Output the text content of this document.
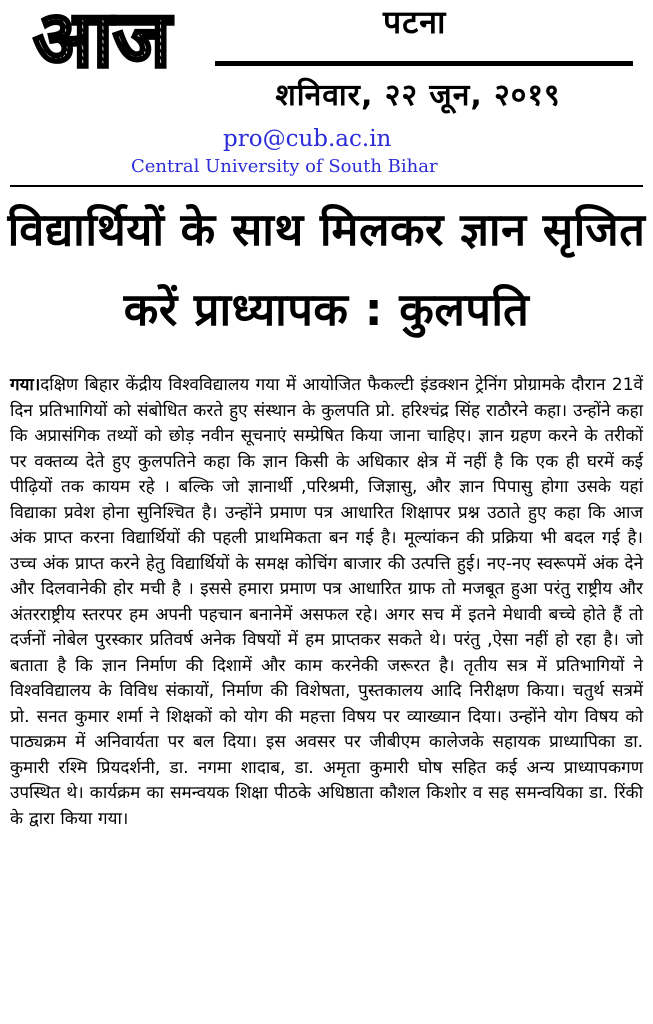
आज	पटना
शनिवार, २२ जून, २०१९
pro@cub.ac.in
Central University of South Bihar
विद्यार्थियों के साथ मिलकर ज्ञान सृजित करें प्राध्यापक : कुलपति

गया।दक्षिण बिहार केंद्रीय विश्वविद्यालय गया में आयोजित फैकल्टी इंडक्शन ट्रेनिंग प्रोग्रामके दौरान 21वें दिन प्रतिभागियों को संबोधित करते हुए संस्थान के कुलपति प्रो. हरिश्चंद्र सिंह राठौरने कहा। उन्होंने कहा कि अप्रासंगिक तथ्यों को छोड़ नवीन सूचनाएं सम्प्रेषित किया जाना चाहिए। ज्ञान ग्रहण करने के तरीकों पर वक्तव्य देते हुए कुलपतिने कहा कि ज्ञान किसी के अधिकार क्षेत्र में नहीं है कि एक ही घरमें कई पीढ़ियों तक कायम रहे । बल्कि जो ज्ञानार्थी ,परिश्रमी, जिज्ञासु, और ज्ञान पिपासु होगा उसके यहां विद्याका प्रवेश होना सुनिश्चित है। उन्होंने प्रमाण पत्र आधारित शिक्षापर प्रश्न उठाते हुए कहा कि आज अंक प्राप्त करना विद्यार्थियों की पहली प्राथमिकता बन गई है। मूल्यांकन की प्रक्रिया भी बदल गई है। उच्च अंक प्राप्त करने हेतु विद्यार्थियों के समक्ष कोचिंग बाजार की उत्पत्ति हुई। नए-नए स्वरूपमें अंक देने और दिलवानेकी होर मची है । इससे हमारा प्रमाण पत्र आधारित ग्राफ तो मजबूत हुआ परंतु राष्ट्रीय और अंतरराष्ट्रीय स्तरपर हम अपनी पहचान बनानेमें असफल रहे। अगर सच में इतने मेधावी बच्चे होते हैं तो दर्जनों नोबेल पुरस्कार प्रतिवर्ष अनेक विषयों में हम प्राप्तकर सकते थे। परंतु ,ऐसा नहीं हो रहा है। जो बताता है कि ज्ञान निर्माण की दिशामें और काम करनेकी जरूरत है। तृतीय सत्र में प्रतिभागियों ने विश्वविद्यालय के विविध संकायों, निर्माण की विशेषता, पुस्तकालय आदि निरीक्षण किया। चतुर्थ सत्रमें प्रो. सनत कुमार शर्मा ने शिक्षकों को योग की महत्ता विषय पर व्याख्यान दिया। उन्होंने योग विषय को पाठ्यक्रम में अनिवार्यता पर बल दिया। इस अवसर पर जीबीएम कालेजके सहायक प्राध्यापिका डा. कुमारी रश्मि प्रियदर्शनी, डा. नगमा शादाब, डा. अमृता कुमारी घोष सहित कई अन्य प्राध्यापकगण उपस्थित थे। कार्यक्रम का समन्वयक शिक्षा पीठके अधिष्ठाता कौशल किशोर व सह समन्वयिका डा. रिंकी के द्वारा किया गया।
